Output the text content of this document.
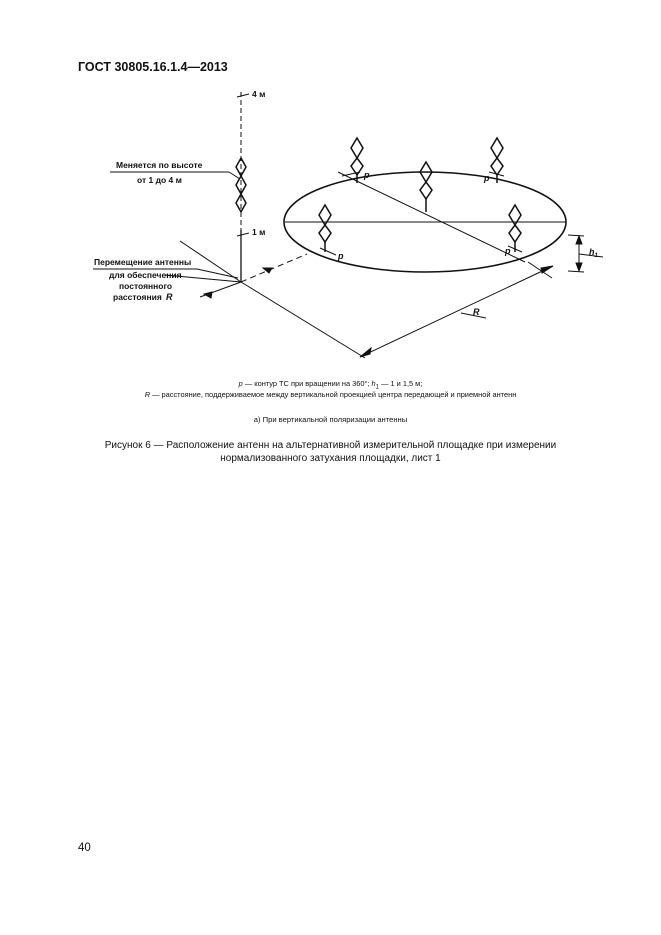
ГОСТ 30805.16.1.4—2013
4 м
1 м
Меняется по высоте
от 1 до 4 м
Перемещение антенны
для обеспечения
постоянного
расстояния R
p	p
p	p
R
$h_1$
p — контур ТС при вращении на 360°; $h_1$ — 1 и 1,5 м;
R — расстояние, поддерживаемое между вертикальной проекцией центра передающей и приемной антенн
а) При вертикальной поляризации антенны
Рисунок 6 — Расположение антенн на альтернативной измерительной площадке при измерении
нормализованного затухания площадки, лист 1
40
